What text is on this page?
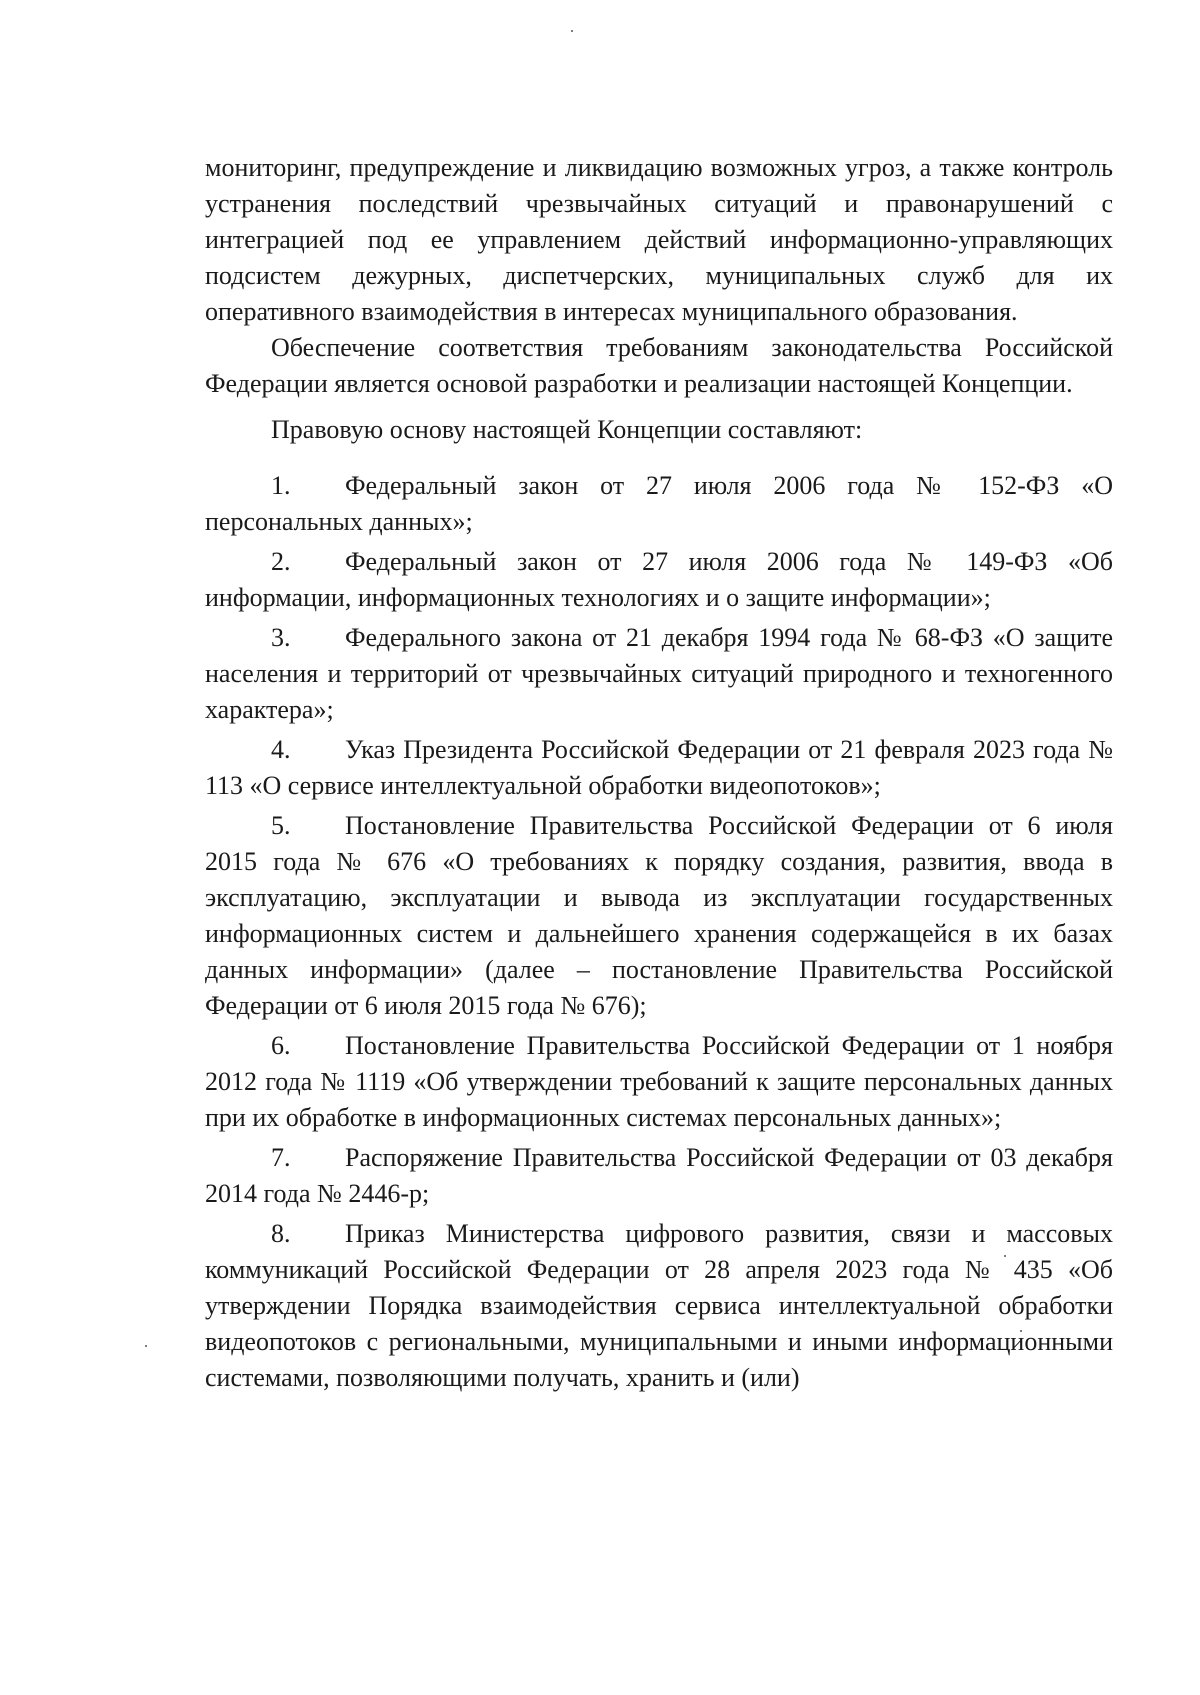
мониторинг, предупреждение и ликвидацию возможных угроз, а также контроль устранения последствий чрезвычайных ситуаций и правонарушений с интеграцией под ее управлением действий информационно-управляющих подсистем дежурных, диспетчерских, муниципальных служб для их оперативного взаимодействия в интересах муниципального образования.

Обеспечение соответствия требованиям законодательства Российской Федерации является основой разработки и реализации настоящей Концепции.

Правовую основу настоящей Концепции составляют:

1. Федеральный закон от 27 июля 2006 года № 152-ФЗ «О персональных данных»;

2. Федеральный закон от 27 июля 2006 года № 149-ФЗ «Об информации, информационных технологиях и о защите информации»;

3. Федерального закона от 21 декабря 1994 года № 68-ФЗ «О защите населения и территорий от чрезвычайных ситуаций природного и техногенного характера»;

4. Указ Президента Российской Федерации от 21 февраля 2023 года № 113 «О сервисе интеллектуальной обработки видеопотоков»;

5. Постановление Правительства Российской Федерации от 6 июля 2015 года № 676 «О требованиях к порядку создания, развития, ввода в эксплуатацию, эксплуатации и вывода из эксплуатации государственных информационных систем и дальнейшего хранения содержащейся в их базах данных информации» (далее – постановление Правительства Российской Федерации от 6 июля 2015 года № 676);

6. Постановление Правительства Российской Федерации от 1 ноября 2012 года № 1119 «Об утверждении требований к защите персональных данных при их обработке в информационных системах персональных данных»;

7. Распоряжение Правительства Российской Федерации от 03 декабря 2014 года № 2446-р;

8. Приказ Министерства цифрового развития, связи и массовых коммуникаций Российской Федерации от 28 апреля 2023 года № 435 «Об утверждении Порядка взаимодействия сервиса интеллектуальной обработки видеопотоков с региональными, муниципальными и иными информационными системами, позволяющими получать, хранить и (или)
